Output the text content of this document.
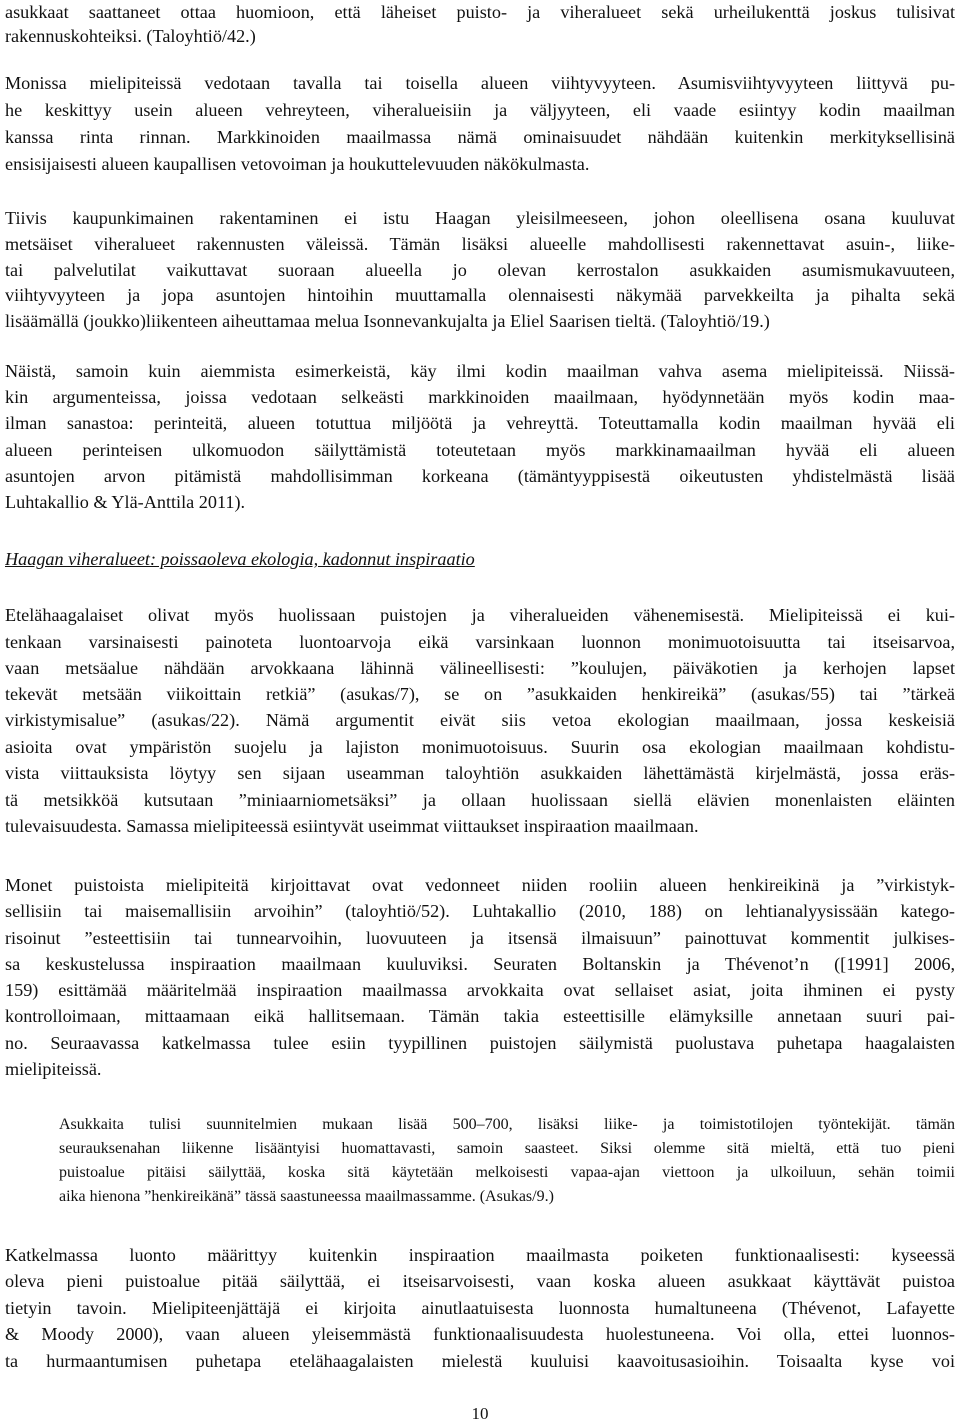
asukkaat saattaneet ottaa huomioon, että läheiset puisto- ja viheralueet sekä urheilukenttä joskus tulisivat
rakennuskohteiksi. (Taloyhtiö/42.)
Monissa mielipiteissä vedotaan tavalla tai toisella alueen viihtyvyyteen. Asumisviihtyvyyteen liittyvä pu-
he keskittyy usein alueen vehreyteen, viheralueisiin ja väljyyteen, eli vaade esiintyy kodin maailman
kanssa rinta rinnan. Markkinoiden maailmassa nämä ominaisuudet nähdään kuitenkin merkityksellisinä
ensisijaisesti alueen kaupallisen vetovoiman ja houkuttelevuuden näkökulmasta.
Tiivis kaupunkimainen rakentaminen ei istu Haagan yleisilmeeseen, johon oleellisena osana kuuluvat
metsäiset viheralueet rakennusten väleissä. Tämän lisäksi alueelle mahdollisesti rakennettavat asuin-, liike-
tai palvelutilat vaikuttavat suoraan alueella jo olevan kerrostalon asukkaiden asumismukavuuteen,
viihtyvyyteen ja jopa asuntojen hintoihin muuttamalla olennaisesti näkymää parvekkeilta ja pihalta sekä
lisäämällä (joukko)liikenteen aiheuttamaa melua Isonnevankujalta ja Eliel Saarisen tieltä. (Taloyhtiö/19.)
Näistä, samoin kuin aiemmista esimerkeistä, käy ilmi kodin maailman vahva asema mielipiteissä. Niissä-
kin argumenteissa, joissa vedotaan selkeästi markkinoiden maailmaan, hyödynnetään myös kodin maa-
ilman sanastoa: perinteitä, alueen totuttua miljöötä ja vehreyttä. Toteuttamalla kodin maailman hyvää eli
alueen perinteisen ulkomuodon säilyttämistä toteutetaan myös markkinamaailman hyvää eli alueen
asuntojen arvon pitämistä mahdollisimman korkeana (tämäntyyppisestä oikeutusten yhdistelmästä lisää
Luhtakallio & Ylä-Anttila 2011).
Haagan viheralueet: poissaoleva ekologia, kadonnut inspiraatio
Etelähaagalaiset olivat myös huolissaan puistojen ja viheralueiden vähenemisestä. Mielipiteissä ei kui-
tenkaan varsinaisesti painoteta luontoarvoja eikä varsinkaan luonnon monimuotoisuutta tai itseisarvoa,
vaan metsäalue nähdään arvokkaana lähinnä välineellisesti: ”koulujen, päiväkotien ja kerhojen lapset
tekevät metsään viikoittain retkiä” (asukas/7), se on ”asukkaiden henkireikä” (asukas/55) tai ”tärkeä
virkistymisalue” (asukas/22). Nämä argumentit eivät siis vetoa ekologian maailmaan, jossa keskeisiä
asioita ovat ympäristön suojelu ja lajiston monimuotoisuus. Suurin osa ekologian maailmaan kohdistu-
vista viittauksista löytyy sen sijaan useamman taloyhtiön asukkaiden lähettämästä kirjelmästä, jossa eräs-
tä metsikköä kutsutaan ”miniaarniometsäksi” ja ollaan huolissaan siellä elävien monenlaisten eläinten
tulevaisuudesta. Samassa mielipiteessä esiintyvät useimmat viittaukset inspiraation maailmaan.
Monet puistoista mielipiteitä kirjoittavat ovat vedonneet niiden rooliin alueen henkireikinä ja ”virkistyk-
sellisiin tai maisemallisiin arvoihin” (taloyhtiö/52). Luhtakallio (2010, 188) on lehtianalyysissään katego-
risoinut ”esteettisiin tai tunnearvoihin, luovuuteen ja itsensä ilmaisuun” painottuvat kommentit julkises-
sa keskustelussa inspiraation maailmaan kuuluviksi. Seuraten Boltanskin ja Thévenot’n ([1991] 2006,
159) esittämää määritelmää inspiraation maailmassa arvokkaita ovat sellaiset asiat, joita ihminen ei pysty
kontrolloimaan, mittaamaan eikä hallitsemaan. Tämän takia esteettisille elämyksille annetaan suuri pai-
no. Seuraavassa katkelmassa tulee esiin tyypillinen puistojen säilymistä puolustava puhetapa haagalaisten
mielipiteissä.
Asukkaita tulisi suunnitelmien mukaan lisää 500–700, lisäksi liike- ja toimistotilojen työntekijät. tämän
seurauksenahan liikenne lisääntyisi huomattavasti, samoin saasteet. Siksi olemme sitä mieltä, että tuo pieni
puistoalue pitäisi säilyttää, koska sitä käytetään melkoisesti vapaa-ajan viettoon ja ulkoiluun, sehän toimii
aika hienona ”henkireikänä” tässä saastuneessa maailmassamme. (Asukas/9.)
Katkelmassa luonto määrittyy kuitenkin inspiraation maailmasta poiketen funktionaalisesti: kyseessä
oleva pieni puistoalue pitää säilyttää, ei itseisarvoisesti, vaan koska alueen asukkaat käyttävät puistoa
tietyin tavoin. Mielipiteenjättäjä ei kirjoita ainutlaatuisesta luonnosta humaltuneena (Thévenot, Lafayette
& Moody 2000), vaan alueen yleisemmästä funktionaalisuudesta huolestuneena. Voi olla, ettei luonnos-
ta hurmaantumisen puhetapa etelähaagalaisten mielestä kuuluisi kaavoitusasioihin. Toisaalta kyse voi
10
